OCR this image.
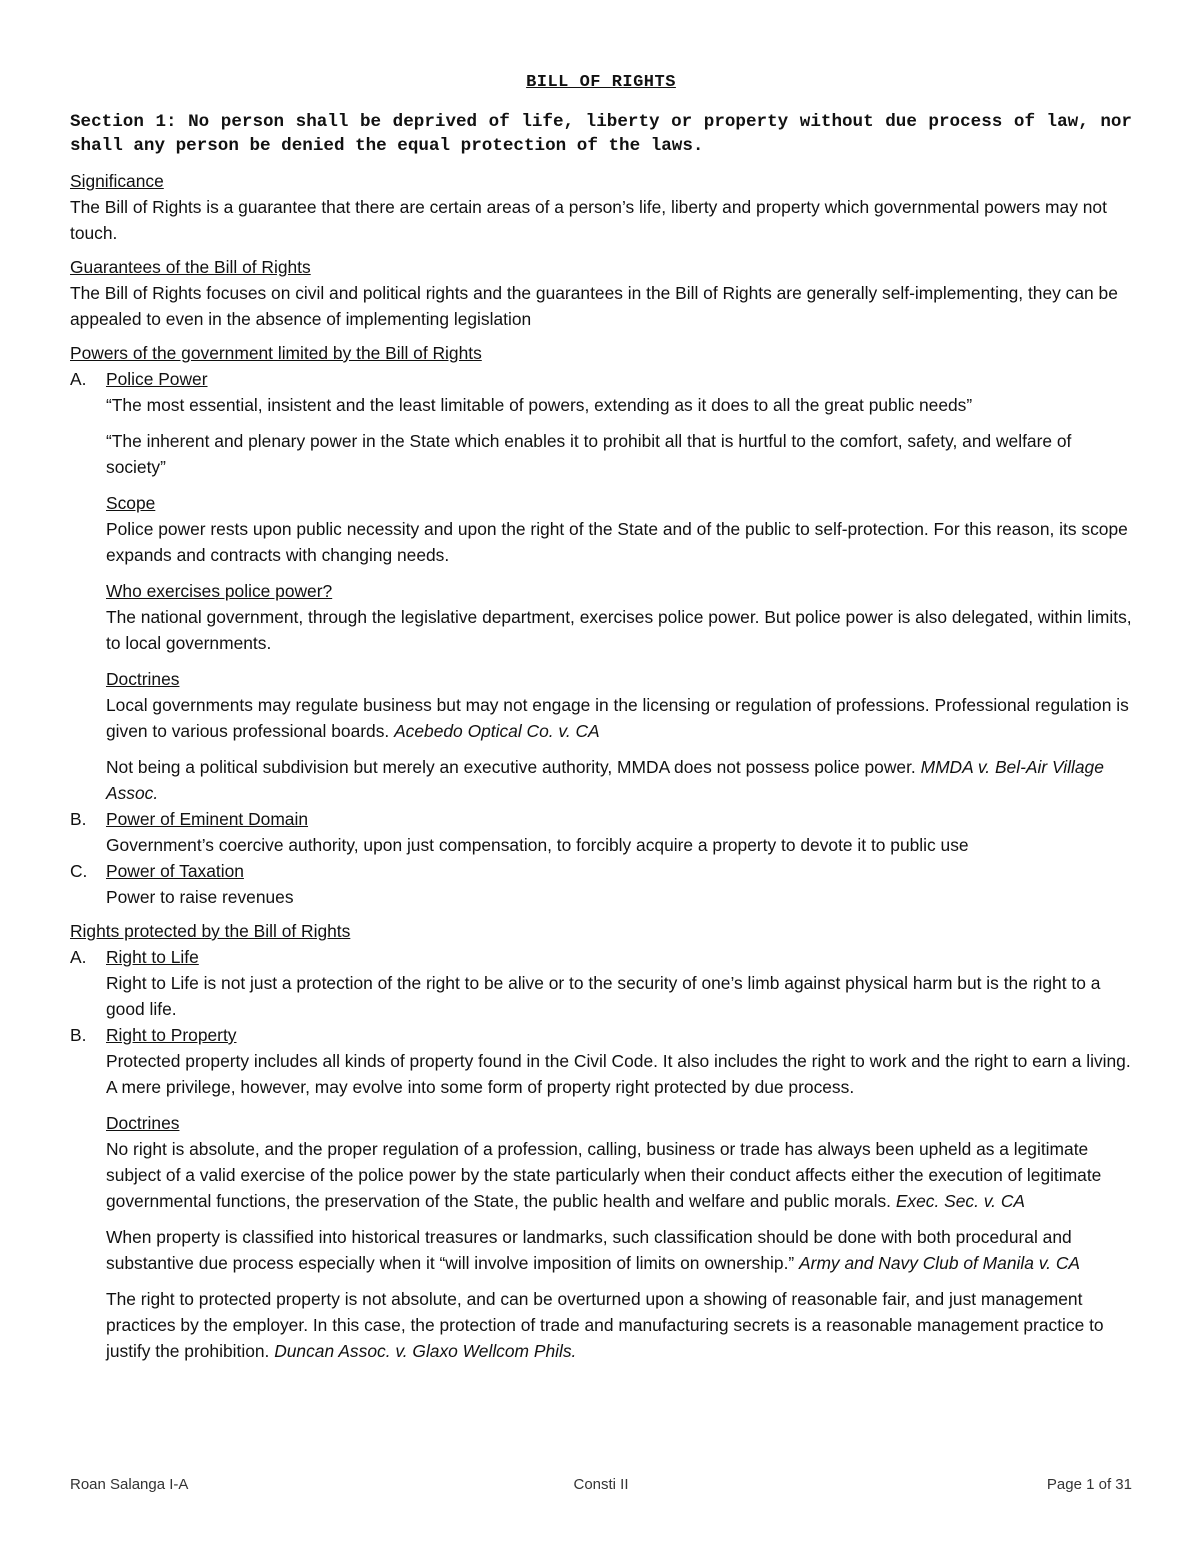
BILL OF RIGHTS
Section 1: No person shall be deprived of life, liberty or property without due process of law, nor shall any person be denied the equal protection of the laws.
Significance
The Bill of Rights is a guarantee that there are certain areas of a person’s life, liberty and property which governmental powers may not touch.
Guarantees of the Bill of Rights
The Bill of Rights focuses on civil and political rights and the guarantees in the Bill of Rights are generally self-implementing, they can be appealed to even in the absence of implementing legislation
Powers of the government limited by the Bill of Rights
A.	Police Power
“The most essential, insistent and the least limitable of powers, extending as it does to all the great public needs”
“The inherent and plenary power in the State which enables it to prohibit all that is hurtful to the comfort, safety, and welfare of society”
Scope
Police power rests upon public necessity and upon the right of the State and of the public to self-protection. For this reason, its scope expands and contracts with changing needs.
Who exercises police power?
The national government, through the legislative department, exercises police power. But police power is also delegated, within limits, to local governments.
Doctrines
Local governments may regulate business but may not engage in the licensing or regulation of professions. Professional regulation is given to various professional boards. Acebedo Optical Co. v. CA
Not being a political subdivision but merely an executive authority, MMDA does not possess police power. MMDA v. Bel-Air Village Assoc.
B.	Power of Eminent Domain
Government’s coercive authority, upon just compensation, to forcibly acquire a property to devote it to public use
C.	Power of Taxation
Power to raise revenues
Rights protected by the Bill of Rights
A.	Right to Life
Right to Life is not just a protection of the right to be alive or to the security of one’s limb against physical harm but is the right to a good life.
B.	Right to Property
Protected property includes all kinds of property found in the Civil Code. It also includes the right to work and the right to earn a living. A mere privilege, however, may evolve into some form of property right protected by due process.
Doctrines
No right is absolute, and the proper regulation of a profession, calling, business or trade has always been upheld as a legitimate subject of a valid exercise of the police power by the state particularly when their conduct affects either the execution of legitimate governmental functions, the preservation of the State, the public health and welfare and public morals. Exec. Sec. v. CA
When property is classified into historical treasures or landmarks, such classification should be done with both procedural and substantive due process especially when it “will involve imposition of limits on ownership.” Army and Navy Club of Manila v. CA
The right to protected property is not absolute, and can be overturned upon a showing of reasonable fair, and just management practices by the employer. In this case, the protection of trade and manufacturing secrets is a reasonable management practice to justify the prohibition. Duncan Assoc. v. Glaxo Wellcom Phils.
Roan Salanga I-A	Consti II	Page 1 of 31
